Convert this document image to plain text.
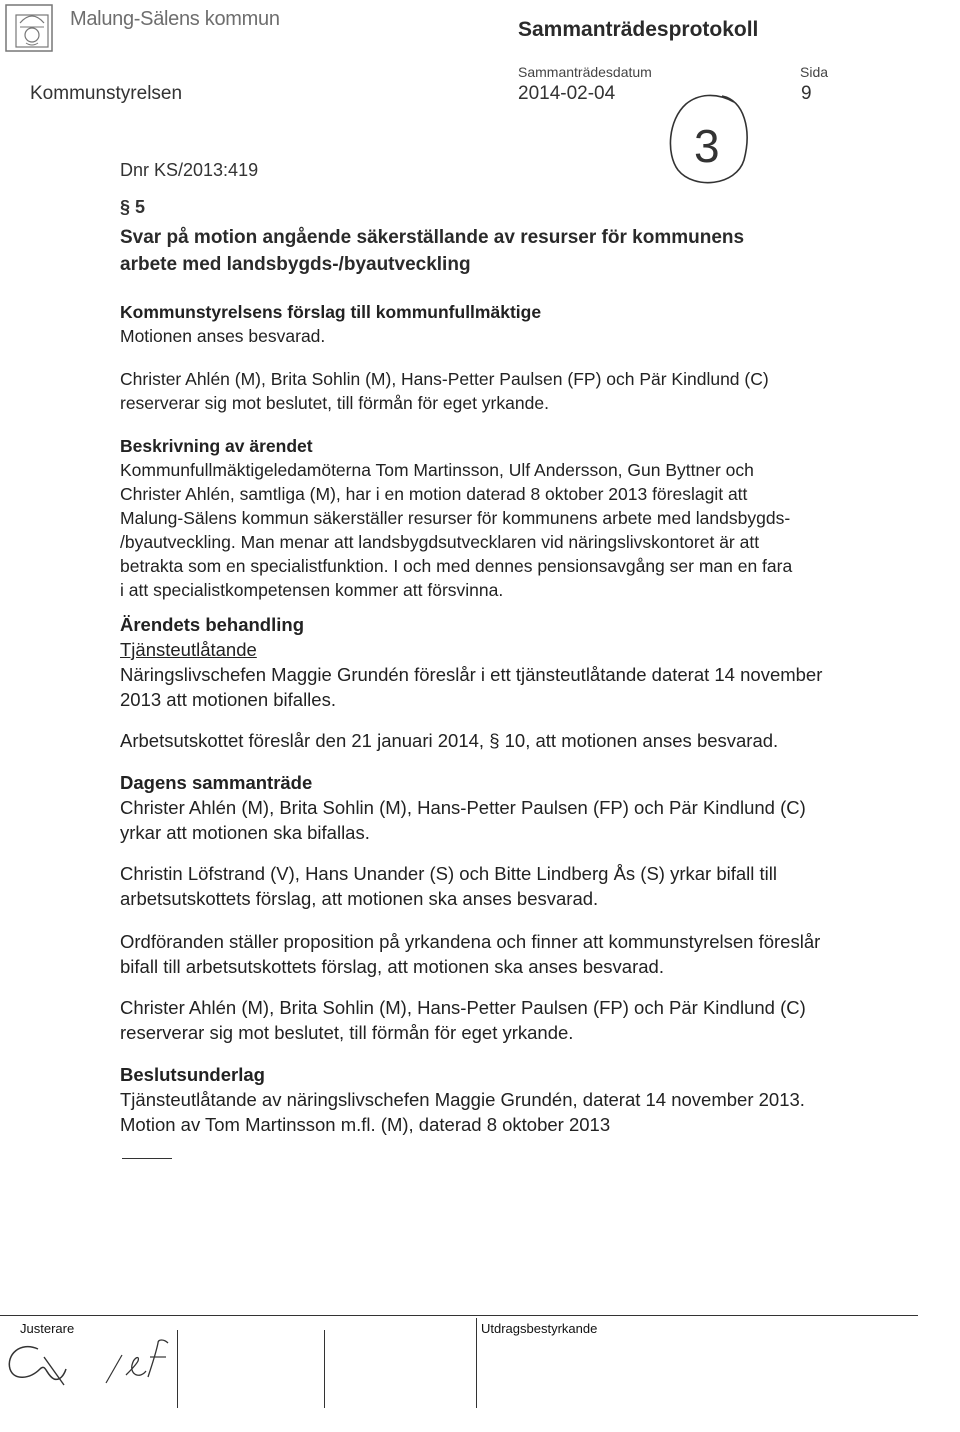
Malung-Sälens kommun	Sammanträdesprotokoll
Kommunstyrelsen
Sammanträdesdatum
2014-02-04
Sida
9
3
Dnr KS/2013:419
§ 5
Svar på motion angående säkerställande av resurser för kommunens
arbete med landsbygds-/byautveckling
Kommunstyrelsens förslag till kommunfullmäktige
Motionen anses besvarad.
Christer Ahlén (M), Brita Sohlin (M), Hans-Petter Paulsen (FP) och Pär Kindlund (C)
reserverar sig mot beslutet, till förmån för eget yrkande.
Beskrivning av ärendet
Kommunfullmäktigeledamöterna Tom Martinsson, Ulf Andersson, Gun Byttner och
Christer Ahlén, samtliga (M), har i en motion daterad 8 oktober 2013 föreslagit att
Malung-Sälens kommun säkerställer resurser för kommunens arbete med landsbygds-
/byautveckling. Man menar att landsbygdsutvecklaren vid näringslivskontoret är att
betrakta som en specialistfunktion. I och med dennes pensionsavgång ser man en fara
i att specialistkompetensen kommer att försvinna.
Ärendets behandling
Tjänsteutlåtande
Näringslivschefen Maggie Grundén föreslår i ett tjänsteutlåtande daterat 14 november
2013 att motionen bifalles.
Arbetsutskottet föreslår den 21 januari 2014, § 10, att motionen anses besvarad.
Dagens sammanträde
Christer Ahlén (M), Brita Sohlin (M), Hans-Petter Paulsen (FP) och Pär Kindlund (C)
yrkar att motionen ska bifallas.
Christin Löfstrand (V), Hans Unander (S) och Bitte Lindberg Ås (S) yrkar bifall till
arbetsutskottets förslag, att motionen ska anses besvarad.
Ordföranden ställer proposition på yrkandena och finner att kommunstyrelsen föreslår
bifall till arbetsutskottets förslag, att motionen ska anses besvarad.
Christer Ahlén (M), Brita Sohlin (M), Hans-Petter Paulsen (FP) och Pär Kindlund (C)
reserverar sig mot beslutet, till förmån för eget yrkande.
Beslutsunderlag
Tjänsteutlåtande av näringslivschefen Maggie Grundén, daterat 14 november 2013.
Motion av Tom Martinsson m.fl. (M), daterad 8 oktober 2013
Justerare	Utdragsbestyrkande
